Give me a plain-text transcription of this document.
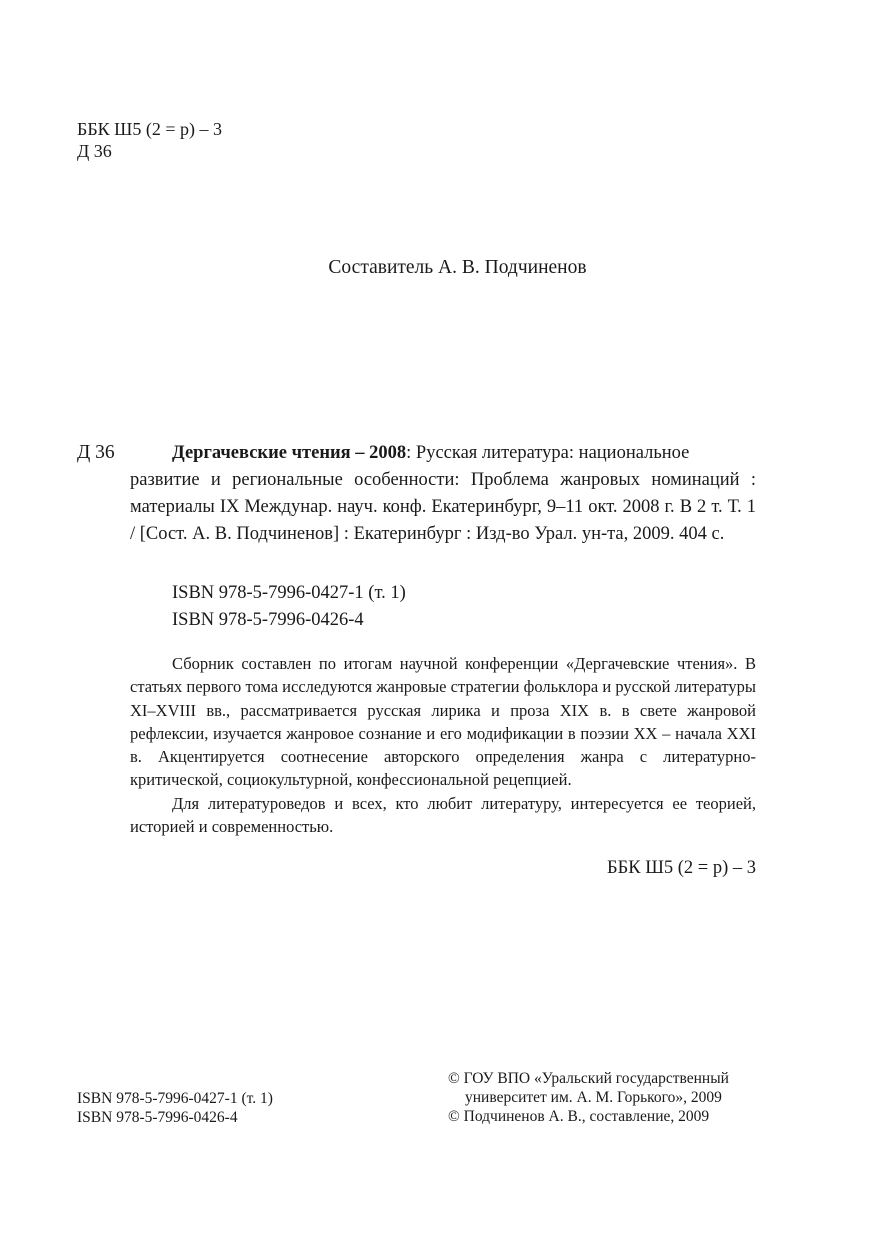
ББК Ш5 (2 = р) – 3
Д 36
Составитель А. В. Подчиненов
Д 36	Дергачевские чтения – 2008: Русская литература: национальное
развитие и региональные особенности: Проблема жанровых номинаций : материалы IX Междунар. науч. конф. Екатеринбург, 9–11 окт. 2008 г. В 2 т. Т. 1 / [Сост. А. В. Подчиненов] : Екатеринбург : Изд-во Урал. ун-та, 2009. 404 с.
ISBN 978-5-7996-0427-1 (т. 1)
ISBN 978-5-7996-0426-4

Сборник составлен по итогам научной конференции «Дергачевские чтения». В статьях первого тома исследуются жанровые стратегии фольклора и русской литературы XI–XVIII вв., рассматривается русская лирика и проза XIX в. в свете жанровой рефлексии, изучается жанровое сознание и его модификации в поэзии XX – начала XXI в. Акцентируется соотнесение авторского определения жанра с литературно-критической, социокультурной, конфессиональной рецепцией.

Для литературоведов и всех, кто любит литературу, интересуется ее теорией, историей и современностью.

ББК Ш5 (2 = р) – 3
ISBN 978-5-7996-0427-1 (т. 1)
ISBN 978-5-7996-0426-4
© ГОУ ВПО «Уральский государственный
университет им. А. М. Горького», 2009
© Подчиненов А. В., составление, 2009
